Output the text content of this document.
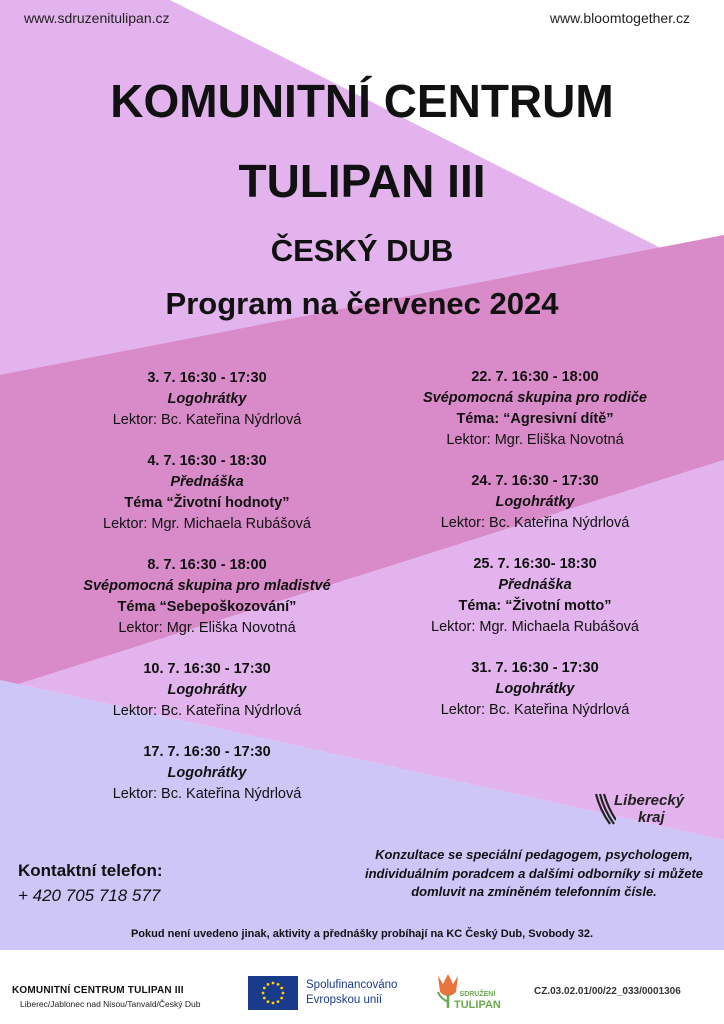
www.sdruzenitulipan.cz	www.bloomtogether.cz
KOMUNITNÍ CENTRUM
TULIPAN III
ČESKÝ DUB
Program na červenec 2024
3. 7. 16:30 - 17:30
Logohrátky
Lektor: Bc. Kateřina Nýdrlová
4. 7. 16:30 - 18:30
Přednáška
Téma “Životní hodnoty”
Lektor: Mgr. Michaela Rubášová
8. 7. 16:30 - 18:00
Svépomocná skupina pro mladistvé
Téma “Sebepoškozování”
Lektor: Mgr. Eliška Novotná
10. 7. 16:30 - 17:30
Logohrátky
Lektor: Bc. Kateřina Nýdrlová
17. 7. 16:30 - 17:30
Logohrátky
Lektor: Bc. Kateřina Nýdrlová
22. 7. 16:30 - 18:00
Svépomocná skupina pro rodiče
Téma: “Agresivní dítě”
Lektor: Mgr. Eliška Novotná
24. 7. 16:30 - 17:30
Logohrátky
Lektor: Bc. Kateřina Nýdrlová
25. 7. 16:30- 18:30
Přednáška
Téma: “Životní motto”
Lektor: Mgr. Michaela Rubášová
31. 7. 16:30 - 17:30
Logohrátky
Lektor: Bc. Kateřina Nýdrlová
Liberecký
kraj
Kontaktní telefon:
+ 420 705 718 577
Konzultace se speciální pedagogem, psychologem, individuálním poradcem a dalšími odborníky si můžete domluvit na zmíněném telefonním čísle.
Pokud není uvedeno jinak, aktivity a přednášky probíhají na KC Český Dub, Svobody 32.
KOMUNITNÍ CENTRUM TULIPAN III
Liberec/Jablonec nad Nisou/Tanvald/Český Dub
Spolufinancováno
Evropskou unií	SDRUŽENÍ
TULIPAN
CZ.03.02.01/00/22_033/0001306
